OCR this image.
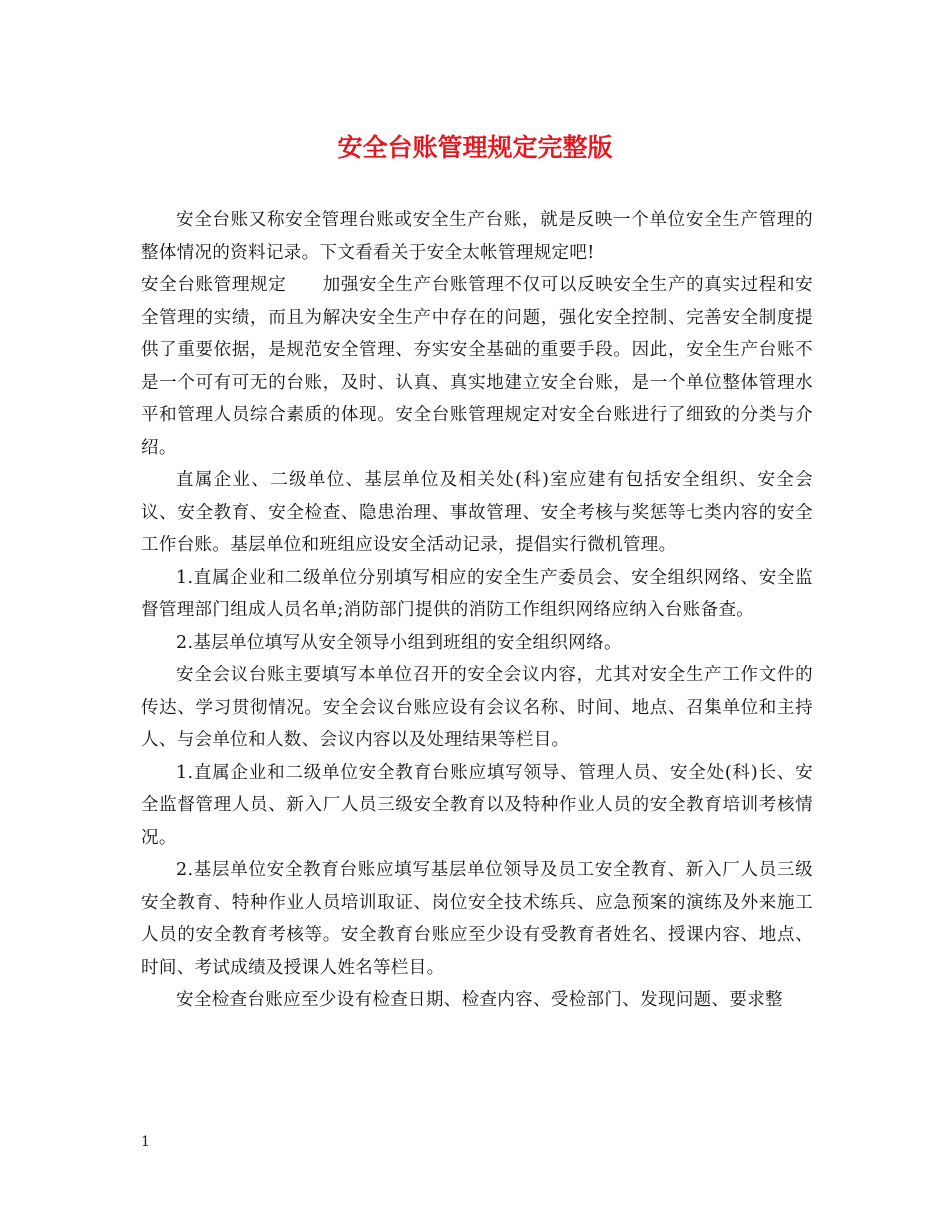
安全台账管理规定完整版

安全台账又称安全管理台账或安全生产台账，就是反映一个单位安全生产管理的整体情况的资料记录。下文看看关于安全太帐管理规定吧!

安全台账管理规定 加强安全生产台账管理不仅可以反映安全生产的真实过程和安全管理的实绩，而且为解决安全生产中存在的问题，强化安全控制、完善安全制度提供了重要依据，是规范安全管理、夯实安全基础的重要手段。因此，安全生产台账不是一个可有可无的台账，及时、认真、真实地建立安全台账，是一个单位整体管理水平和管理人员综合素质的体现。安全台账管理规定对安全台账进行了细致的分类与介绍。

直属企业、二级单位、基层单位及相关处(科)室应建有包括安全组织、安全会议、安全教育、安全检查、隐患治理、事故管理、安全考核与奖惩等七类内容的安全工作台账。基层单位和班组应设安全活动记录，提倡实行微机管理。

1.直属企业和二级单位分别填写相应的安全生产委员会、安全组织网络、安全监督管理部门组成人员名单;消防部门提供的消防工作组织网络应纳入台账备查。

2.基层单位填写从安全领导小组到班组的安全组织网络。

安全会议台账主要填写本单位召开的安全会议内容，尤其对安全生产工作文件的传达、学习贯彻情况。安全会议台账应设有会议名称、时间、地点、召集单位和主持人、与会单位和人数、会议内容以及处理结果等栏目。

1.直属企业和二级单位安全教育台账应填写领导、管理人员、安全处(科)长、安全监督管理人员、新入厂人员三级安全教育以及特种作业人员的安全教育培训考核情况。

2.基层单位安全教育台账应填写基层单位领导及员工安全教育、新入厂人员三级安全教育、特种作业人员培训取证、岗位安全技术练兵、应急预案的演练及外来施工人员的安全教育考核等。安全教育台账应至少设有受教育者姓名、授课内容、地点、时间、考试成绩及授课人姓名等栏目。

安全检查台账应至少设有检查日期、检查内容、受检部门、发现问题、要求整

1
